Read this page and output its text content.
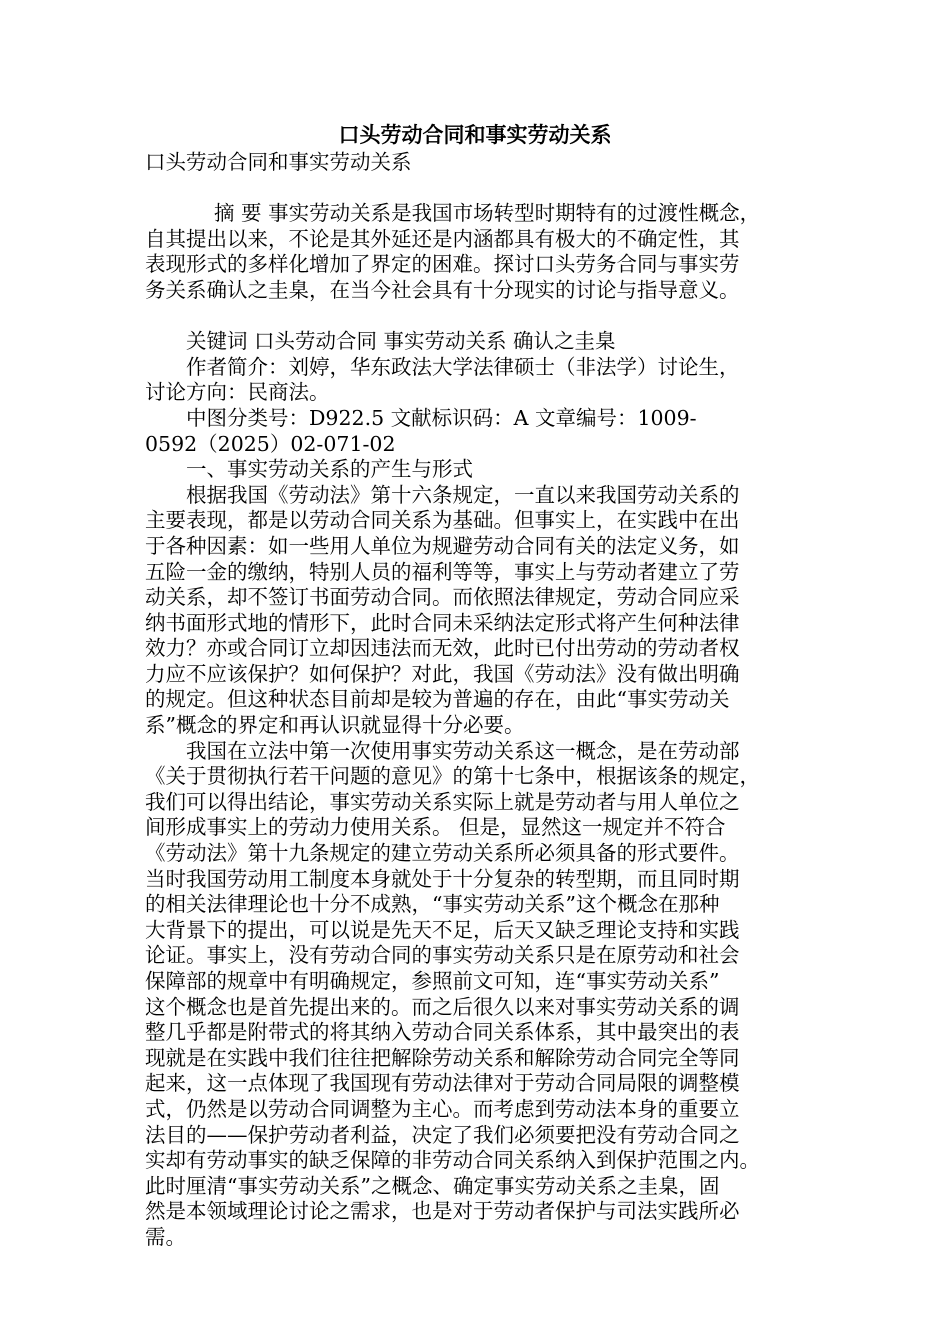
口头劳动合同和事实劳动关系
口头劳动合同和事实劳动关系
摘 要 事实劳动关系是我国市场转型时期特有的过渡性概念，
自其提出以来，不论是其外延还是内涵都具有极大的不确定性，其
表现形式的多样化增加了界定的困难。探讨口头劳务合同与事实劳
务关系确认之圭臬，在当今社会具有十分现实的讨论与指导意义。
关键词 口头劳动合同 事实劳动关系 确认之圭臬
作者简介：刘婷，华东政法大学法律硕士（非法学）讨论生，
讨论方向：民商法。
中图分类号：D922.5 文献标识码：A 文章编号：1009-
0592（2025）02-071-02
一、事实劳动关系的产生与形式
根据我国《劳动法》第十六条规定，一直以来我国劳动关系的
主要表现，都是以劳动合同关系为基础。但事实上，在实践中在出
于各种因素：如一些用人单位为规避劳动合同有关的法定义务，如
五险一金的缴纳，特别人员的福利等等，事实上与劳动者建立了劳
动关系，却不签订书面劳动合同。而依照法律规定，劳动合同应采
纳书面形式地的情形下，此时合同未采纳法定形式将产生何种法律
效力？亦或合同订立却因违法而无效，此时已付出劳动的劳动者权
力应不应该保护？如何保护？对此，我国《劳动法》没有做出明确
的规定。但这种状态目前却是较为普遍的存在，由此“事实劳动关
系”概念的界定和再认识就显得十分必要。
我国在立法中第一次使用事实劳动关系这一概念，是在劳动部
《关于贯彻执行若干问题的意见》的第十七条中，根据该条的规定，
我们可以得出结论，事实劳动关系实际上就是劳动者与用人单位之
间形成事实上的劳动力使用关系。 但是，显然这一规定并不符合
《劳动法》第十九条规定的建立劳动关系所必须具备的形式要件。
当时我国劳动用工制度本身就处于十分复杂的转型期，而且同时期
的相关法律理论也十分不成熟，“事实劳动关系”这个概念在那种
大背景下的提出，可以说是先天不足，后天又缺乏理论支持和实践
论证。事实上，没有劳动合同的事实劳动关系只是在原劳动和社会
保障部的规章中有明确规定，参照前文可知，连“事实劳动关系”
这个概念也是首先提出来的。而之后很久以来对事实劳动关系的调
整几乎都是附带式的将其纳入劳动合同关系体系，其中最突出的表
现就是在实践中我们往往把解除劳动关系和解除劳动合同完全等同
起来，这一点体现了我国现有劳动法律对于劳动合同局限的调整模
式，仍然是以劳动合同调整为主心。而考虑到劳动法本身的重要立
法目的——保护劳动者利益，决定了我们必须要把没有劳动合同之
实却有劳动事实的缺乏保障的非劳动合同关系纳入到保护范围之内。
此时厘清“事实劳动关系”之概念、确定事实劳动关系之圭臬，固
然是本领域理论讨论之需求，也是对于劳动者保护与司法实践所必
需。
